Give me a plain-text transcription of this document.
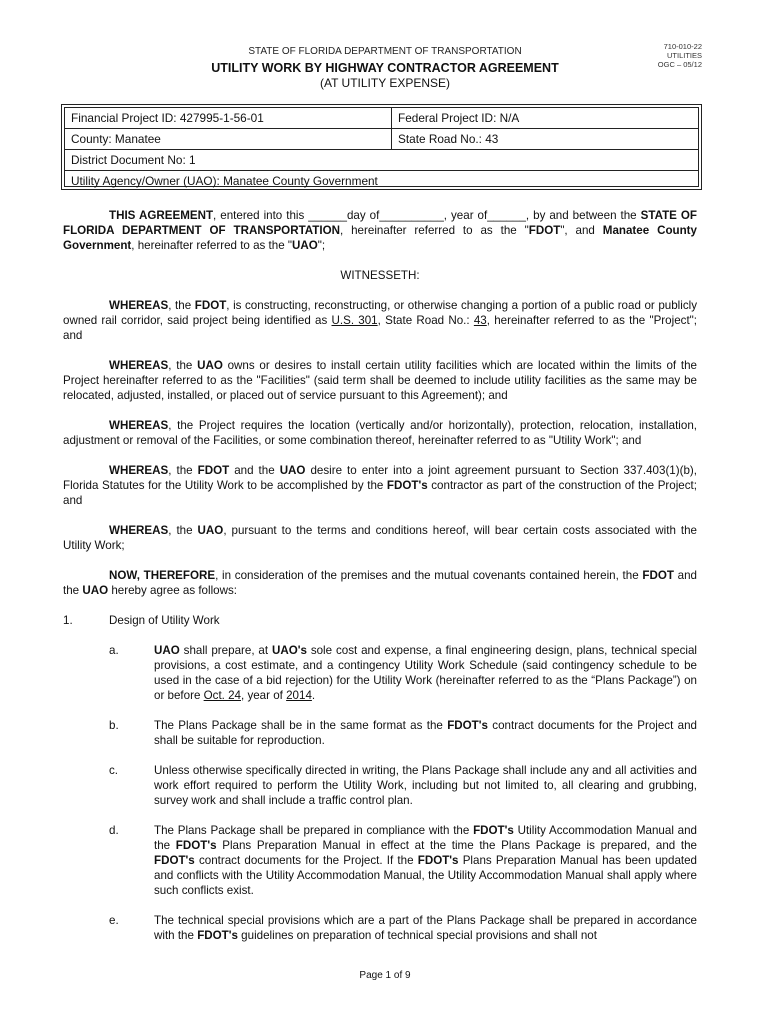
710-010-22
UTILITIES
OGC – 05/12
STATE OF FLORIDA DEPARTMENT OF TRANSPORTATION
UTILITY WORK BY HIGHWAY CONTRACTOR AGREEMENT
(AT UTILITY EXPENSE)
Financial Project ID: 427995-1-56-01	Federal Project ID: N/A
County: Manatee	State Road No.: 43
District Document No: 1
Utility Agency/Owner (UAO): Manatee County Government

THIS AGREEMENT, entered into this ______day of__________, year of______, by and between the STATE OF FLORIDA DEPARTMENT OF TRANSPORTATION, hereinafter referred to as the "FDOT", and Manatee County Government, hereinafter referred to as the "UAO";

WITNESSETH:

WHEREAS, the FDOT, is constructing, reconstructing, or otherwise changing a portion of a public road or publicly owned rail corridor, said project being identified as U.S. 301, State Road No.: 43, hereinafter referred to as the "Project"; and

WHEREAS, the UAO owns or desires to install certain utility facilities which are located within the limits of the Project hereinafter referred to as the "Facilities" (said term shall be deemed to include utility facilities as the same may be relocated, adjusted, installed, or placed out of service pursuant to this Agreement); and

WHEREAS, the Project requires the location (vertically and/or horizontally), protection, relocation, installation, adjustment or removal of the Facilities, or some combination thereof, hereinafter referred to as "Utility Work"; and

WHEREAS, the FDOT and the UAO desire to enter into a joint agreement pursuant to Section 337.403(1)(b), Florida Statutes for the Utility Work to be accomplished by the FDOT's contractor as part of the construction of the Project; and

WHEREAS, the UAO, pursuant to the terms and conditions hereof, will bear certain costs associated with the Utility Work;

NOW, THEREFORE, in consideration of the premises and the mutual covenants contained herein, the FDOT and the UAO hereby agree as follows:

1.	Design of Utility Work
a.	UAO shall prepare, at UAO's sole cost and expense, a final engineering design, plans, technical special provisions, a cost estimate, and a contingency Utility Work Schedule (said contingency schedule to be used in the case of a bid rejection) for the Utility Work (hereinafter referred to as the “Plans Package”) on or before Oct. 24, year of 2014.
b.	The Plans Package shall be in the same format as the FDOT's contract documents for the Project and shall be suitable for reproduction.
c.	Unless otherwise specifically directed in writing, the Plans Package shall include any and all activities and work effort required to perform the Utility Work, including but not limited to, all clearing and grubbing, survey work and shall include a traffic control plan.
d.	The Plans Package shall be prepared in compliance with the FDOT's Utility Accommodation Manual and the FDOT's Plans Preparation Manual in effect at the time the Plans Package is prepared, and the FDOT's contract documents for the Project. If the FDOT's Plans Preparation Manual has been updated and conflicts with the Utility Accommodation Manual, the Utility Accommodation Manual shall apply where such conflicts exist.
e.	The technical special provisions which are a part of the Plans Package shall be prepared in accordance with the FDOT's guidelines on preparation of technical special provisions and shall not
Page 1 of 9
